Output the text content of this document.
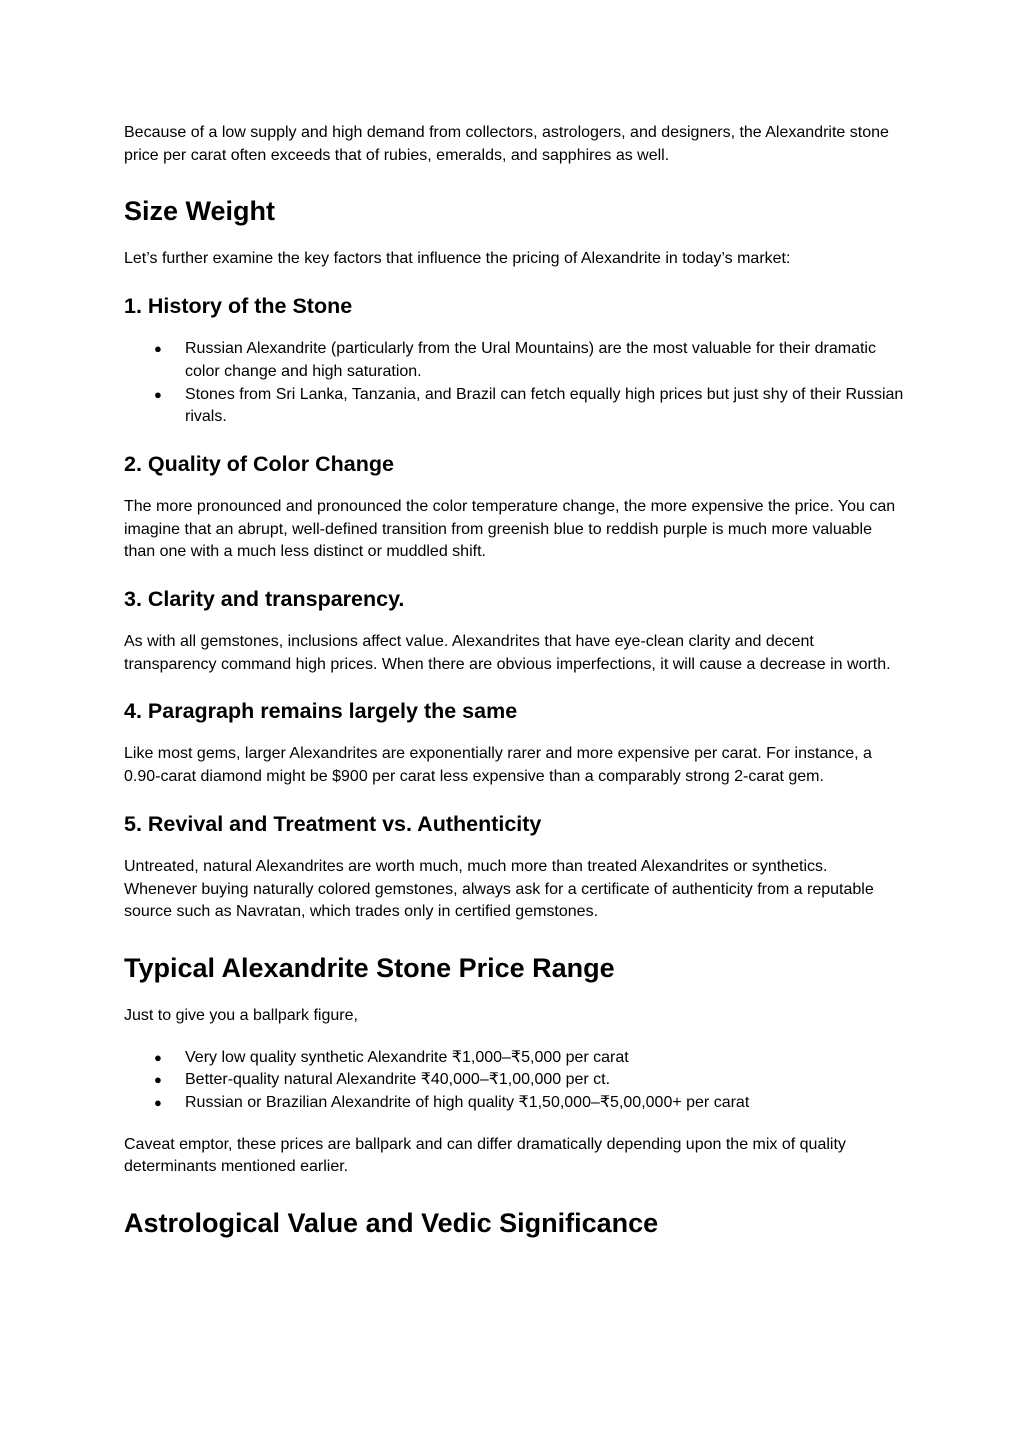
Because of a low supply and high demand from collectors, astrologers, and designers, the Alexandrite stone price per carat often exceeds that of rubies, emeralds, and sapphires as well.

Size Weight

Let’s further examine the key factors that influence the pricing of Alexandrite in today’s market:

1. History of the Stone
● Russian Alexandrite (particularly from the Ural Mountains) are the most valuable for their dramatic color change and high saturation.
● Stones from Sri Lanka, Tanzania, and Brazil can fetch equally high prices but just shy of their Russian rivals.
2. Quality of Color Change

The more pronounced and pronounced the color temperature change, the more expensive the price. You can imagine that an abrupt, well-defined transition from greenish blue to reddish purple is much more valuable than one with a much less distinct or muddled shift.

3. Clarity and transparency.

As with all gemstones, inclusions affect value. Alexandrites that have eye-clean clarity and decent transparency command high prices. When there are obvious imperfections, it will cause a decrease in worth.

4. Paragraph remains largely the same

Like most gems, larger Alexandrites are exponentially rarer and more expensive per carat. For instance, a 0.90-carat diamond might be $900 per carat less expensive than a comparably strong 2-carat gem.

5. Revival and Treatment vs. Authenticity

Untreated, natural Alexandrites are worth much, much more than treated Alexandrites or synthetics. Whenever buying naturally colored gemstones, always ask for a certificate of authenticity from a reputable source such as Navratan, which trades only in certified gemstones.

Typical Alexandrite Stone Price Range

Just to give you a ballpark figure,

● Very low quality synthetic Alexandrite ₹1,000–₹5,000 per carat
● Better-quality natural Alexandrite ₹40,000–₹1,00,000 per ct.
● Russian or Brazilian Alexandrite of high quality ₹1,50,000–₹5,00,000+ per carat

Caveat emptor, these prices are ballpark and can differ dramatically depending upon the mix of quality determinants mentioned earlier.

Astrological Value and Vedic Significance
